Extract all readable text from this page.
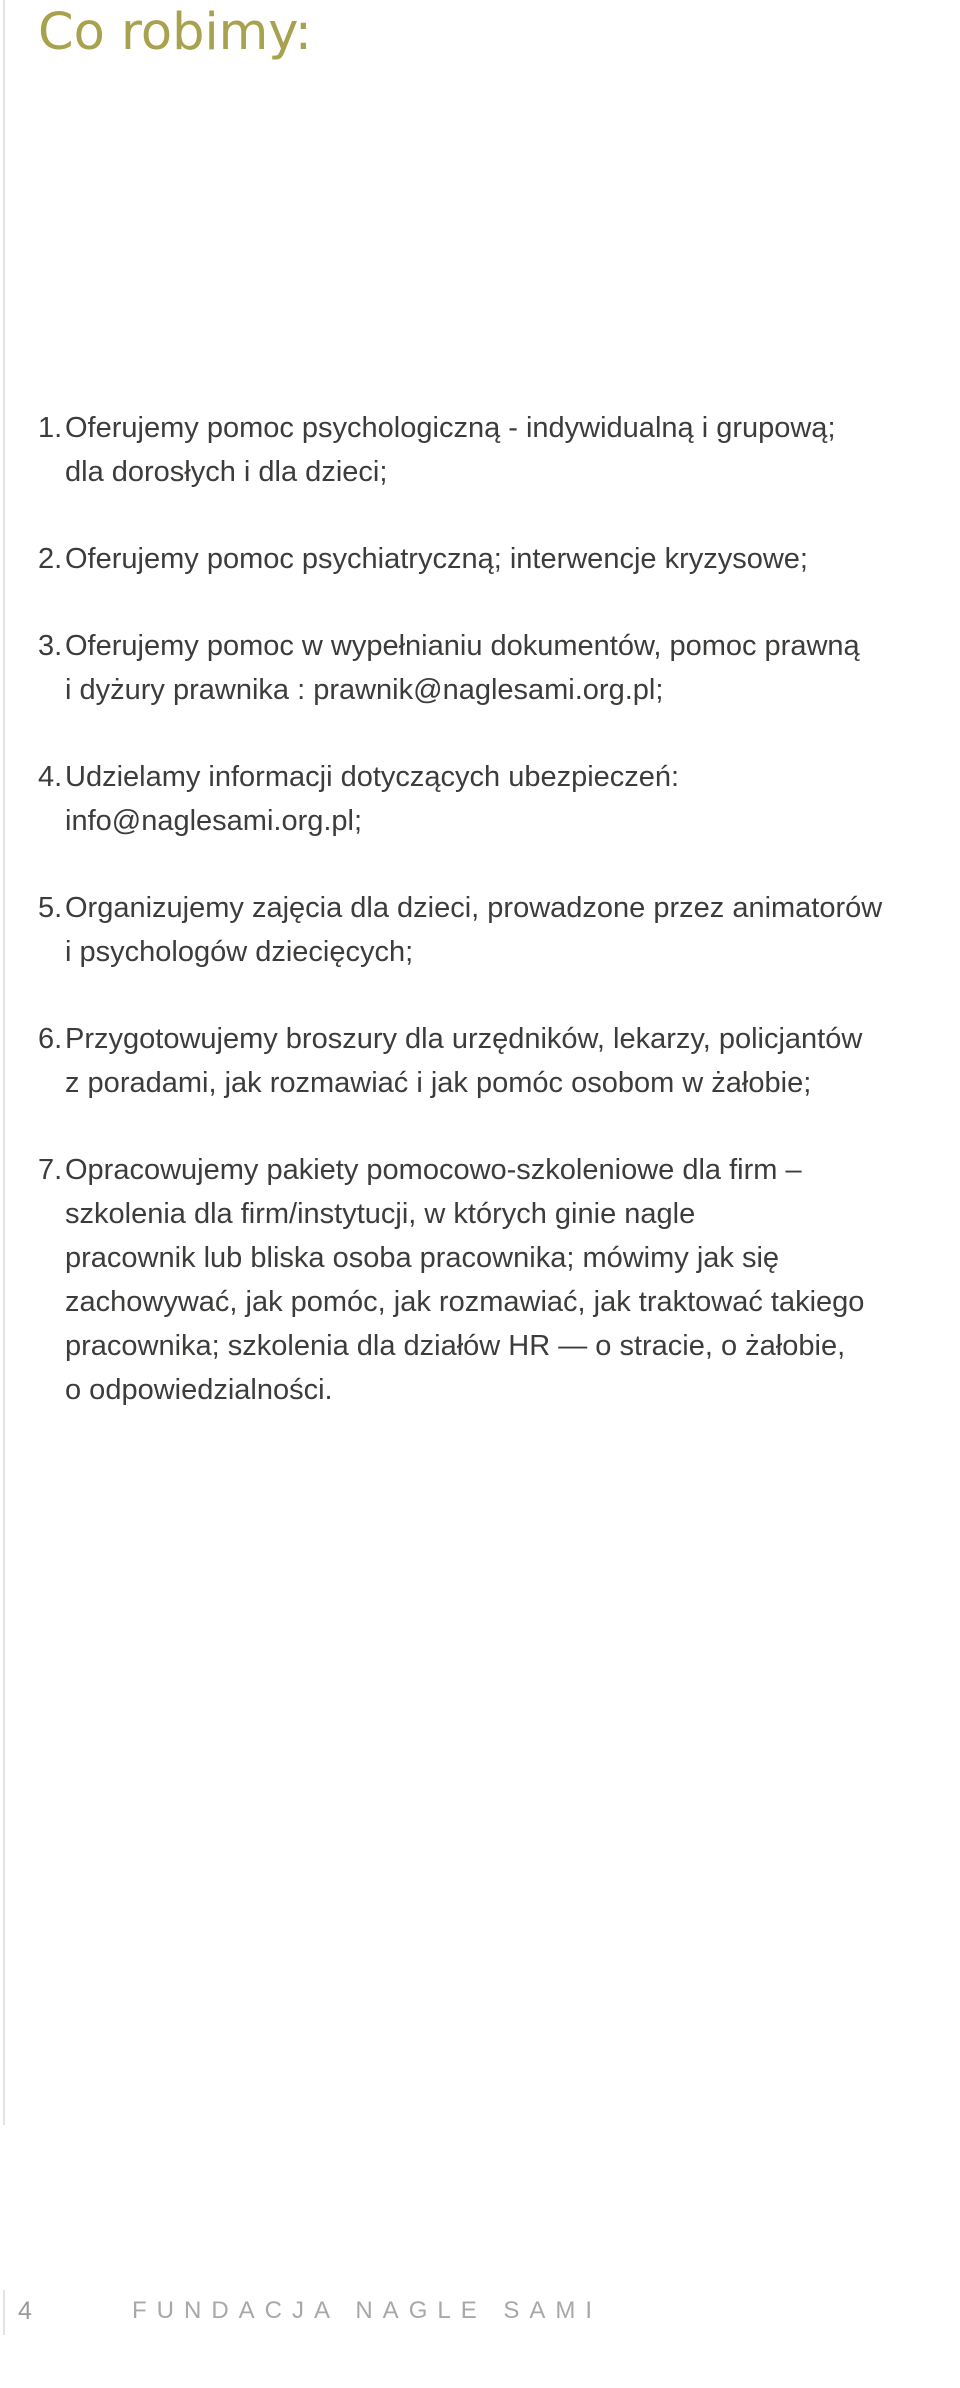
Co robimy:
1. Oferujemy pomoc psychologiczną - indywidualną i grupową;
dla dorosłych i dla dzieci;
2. Oferujemy pomoc psychiatryczną; interwencje kryzysowe;
3. Oferujemy pomoc w wypełnianiu dokumentów, pomoc prawną
i dyżury prawnika : prawnik@naglesami.org.pl;
4. Udzielamy informacji dotyczących ubezpieczeń:
info@naglesami.org.pl;
5. Organizujemy zajęcia dla dzieci, prowadzone przez animatorów
i psychologów dziecięcych;
6. Przygotowujemy broszury dla urzędników, lekarzy, policjantów
z poradami, jak rozmawiać i jak pomóc osobom w żałobie;
7. Opracowujemy pakiety pomocowo-szkoleniowe dla firm –
szkolenia dla firm/instytucji, w których ginie nagle
pracownik lub bliska osoba pracownika; mówimy jak się
zachowywać, jak pomóc, jak rozmawiać, jak traktować takiego
pracownika; szkolenia dla działów HR — o stracie, o żałobie,
o odpowiedzialności.
4	FUNDACJA NAGLE SAMI
